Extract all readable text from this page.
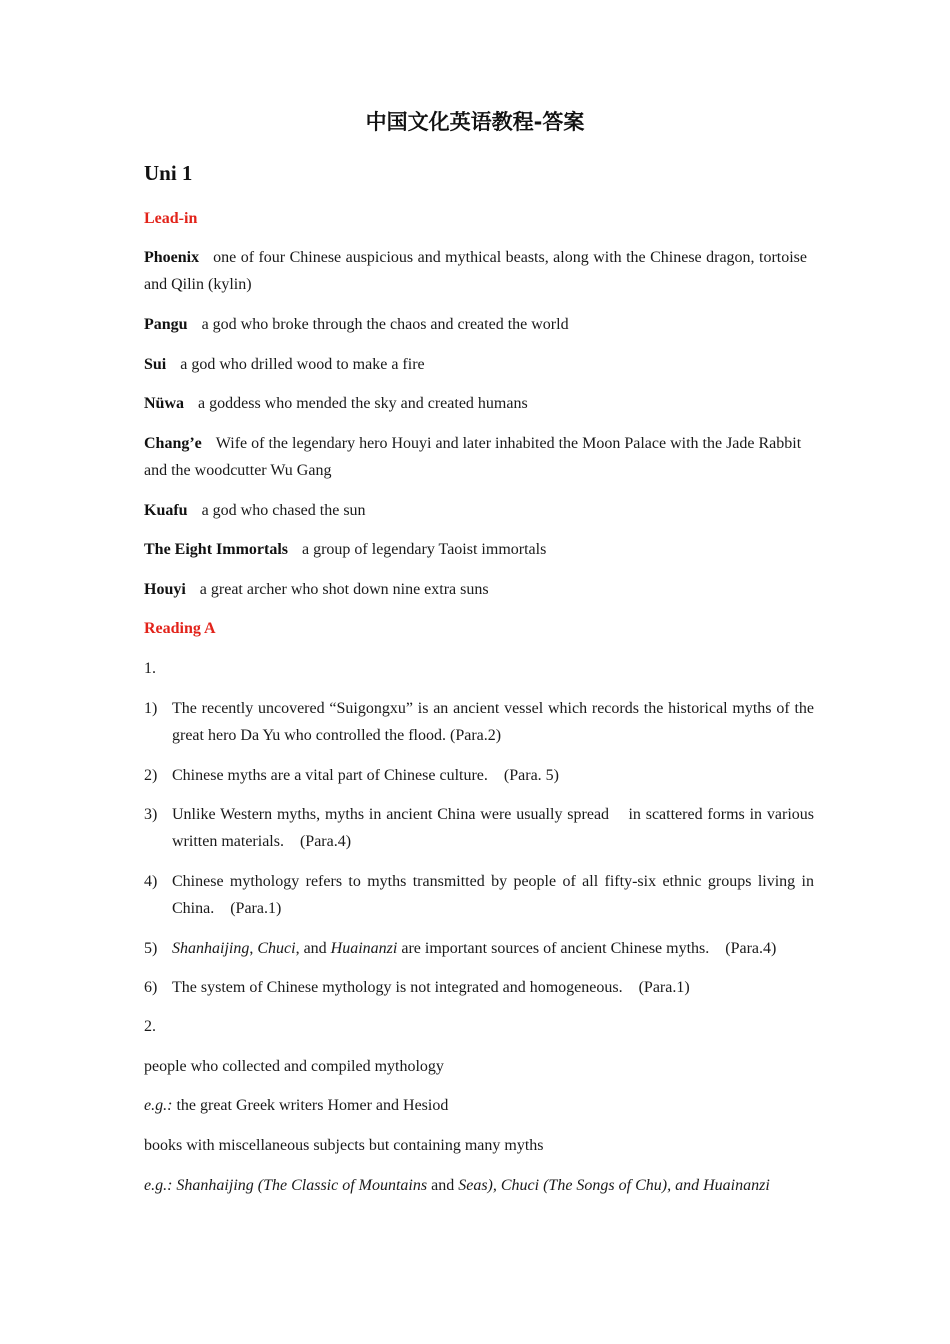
中国文化英语教程-答案
Uni 1
Lead-in
Phoenix one of four Chinese auspicious and mythical beasts, along with the Chinese dragon, tortoise and Qilin (kylin)
Pangu a god who broke through the chaos and created the world
Sui a god who drilled wood to make a fire
Nüwa a goddess who mended the sky and created humans
Chang’e Wife of the legendary hero Houyi and later inhabited the Moon Palace with the Jade Rabbit and the woodcutter Wu Gang
Kuafu a god who chased the sun
The Eight Immortals a group of legendary Taoist immortals
Houyi a great archer who shot down nine extra suns
Reading A
1.
1) The recently uncovered “Suigongxu” is an ancient vessel which records the historical myths of the great hero Da Yu who controlled the flood. (Para.2)
2) Chinese myths are a vital part of Chinese culture.    (Para. 5)
3) Unlike Western myths, myths in ancient China were usually spread    in scattered forms in various written materials.    (Para.4)
4) Chinese mythology refers to myths transmitted by people of all fifty-six ethnic groups living in China.    (Para.1)
5) Shanhaijing, Chuci, and Huainanzi are important sources of ancient Chinese myths.    (Para.4)
6) The system of Chinese mythology is not integrated and homogeneous.    (Para.1)
2.
people who collected and compiled mythology
e.g.: the great Greek writers Homer and Hesiod
books with miscellaneous subjects but containing many myths
e.g.: Shanhaijing (The Classic of Mountains and Seas), Chuci (The Songs of Chu), and Huainanzi
